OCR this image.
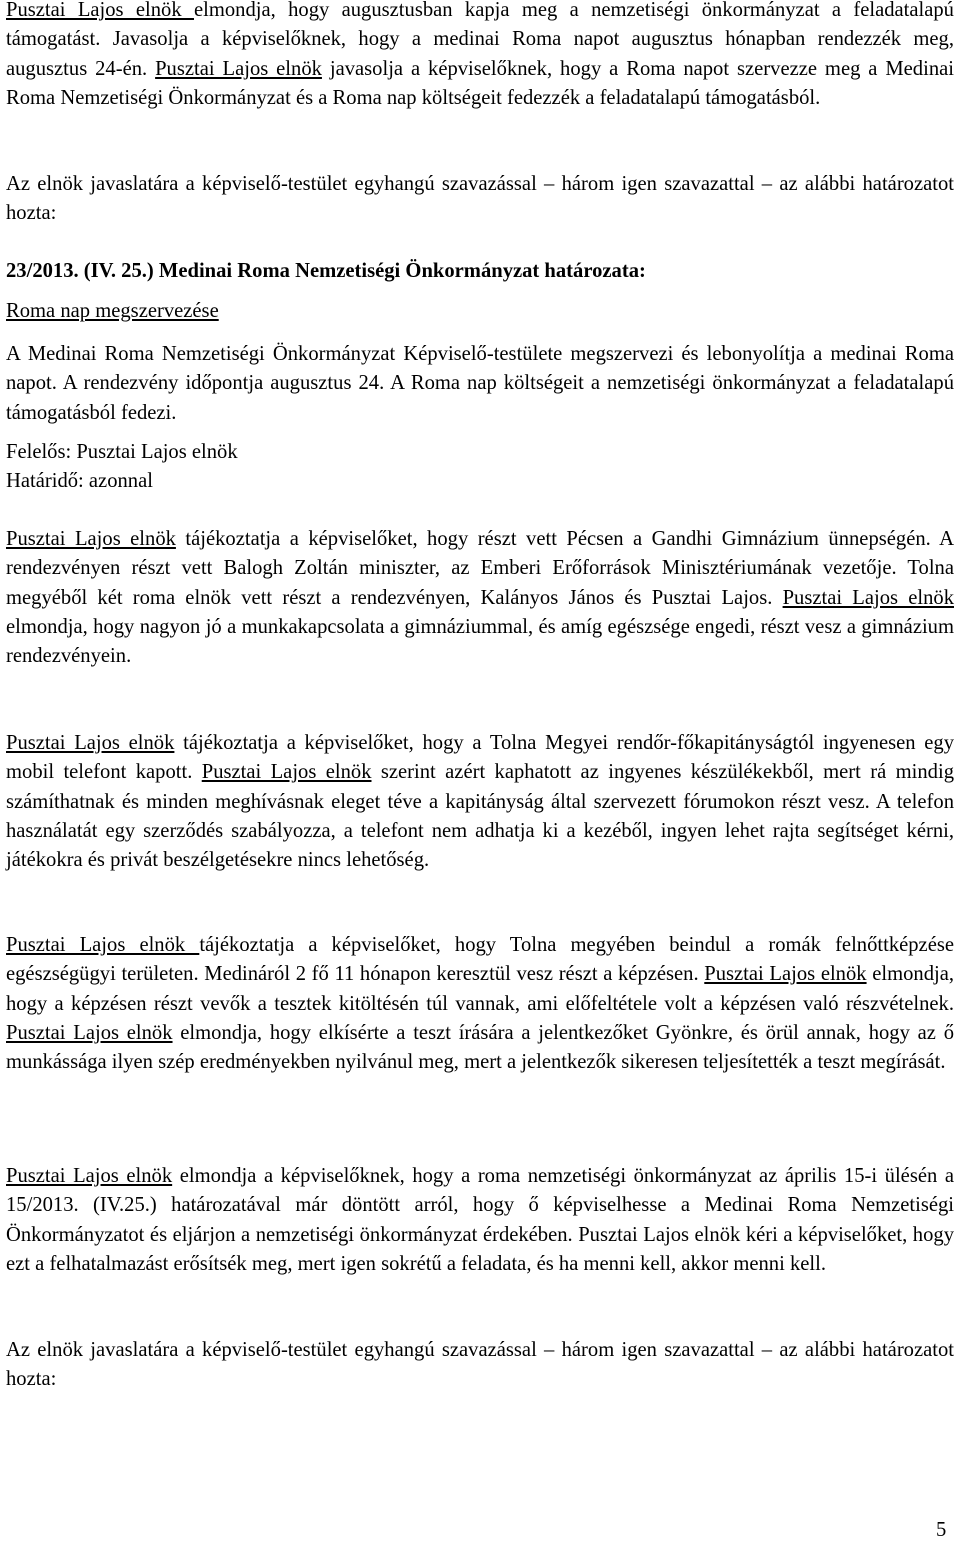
Pusztai Lajos elnök elmondja, hogy augusztusban kapja meg a nemzetiségi önkormányzat a feladatalapú támogatást. Javasolja a képviselőknek, hogy a medinai Roma napot augusztus hónapban rendezzék meg, augusztus 24-én. Pusztai Lajos elnök javasolja a képviselőknek, hogy a Roma napot szervezze meg a Medinai Roma Nemzetiségi Önkormányzat és a Roma nap költségeit fedezzék a feladatalapú támogatásból.

Az elnök javaslatára a képviselő-testület egyhangú szavazással – három igen szavazattal – az alábbi határozatot hozta:

23/2013. (IV. 25.) Medinai Roma Nemzetiségi Önkormányzat határozata:

Roma nap megszervezése

A Medinai Roma Nemzetiségi Önkormányzat Képviselő-testülete megszervezi és lebonyolítja a medinai Roma napot. A rendezvény időpontja augusztus 24. A Roma nap költségeit a nemzetiségi önkormányzat a feladatalapú támogatásból fedezi.

Felelős: Pusztai Lajos elnök

Határidő: azonnal

Pusztai Lajos elnök tájékoztatja a képviselőket, hogy részt vett Pécsen a Gandhi Gimnázium ünnepségén. A rendezvényen részt vett Balogh Zoltán miniszter, az Emberi Erőforrások Minisztériumának vezetője. Tolna megyéből két roma elnök vett részt a rendezvényen, Kalányos János és Pusztai Lajos. Pusztai Lajos elnök elmondja, hogy nagyon jó a munkakapcsolata a gimnáziummal, és amíg egészsége engedi, részt vesz a gimnázium rendezvényein.

Pusztai Lajos elnök tájékoztatja a képviselőket, hogy a Tolna Megyei rendőr-főkapitányságtól ingyenesen egy mobil telefont kapott. Pusztai Lajos elnök szerint azért kaphatott az ingyenes készülékekből, mert rá mindig számíthatnak és minden meghívásnak eleget téve a kapitányság által szervezett fórumokon részt vesz. A telefon használatát egy szerződés szabályozza, a telefont nem adhatja ki a kezéből, ingyen lehet rajta segítséget kérni, játékokra és privát beszélgetésekre nincs lehetőség.

Pusztai Lajos elnök tájékoztatja a képviselőket, hogy Tolna megyében beindul a romák felnőttképzése egészségügyi területen. Medináról 2 fő 11 hónapon keresztül vesz részt a képzésen. Pusztai Lajos elnök elmondja, hogy a képzésen részt vevők a tesztek kitöltésén túl vannak, ami előfeltétele volt a képzésen való részvételnek. Pusztai Lajos elnök elmondja, hogy elkísérte a teszt írására a jelentkezőket Gyönkre, és örül annak, hogy az ő munkássága ilyen szép eredményekben nyilvánul meg, mert a jelentkezők sikeresen teljesítették a teszt megírását.

Pusztai Lajos elnök elmondja a képviselőknek, hogy a roma nemzetiségi önkormányzat az április 15-i ülésén a 15/2013. (IV.25.) határozatával már döntött arról, hogy ő képviselhesse a Medinai Roma Nemzetiségi Önkormányzatot és eljárjon a nemzetiségi önkormányzat érdekében. Pusztai Lajos elnök kéri a képviselőket, hogy ezt a felhatalmazást erősítsék meg, mert igen sokrétű a feladata, és ha menni kell, akkor menni kell.

Az elnök javaslatára a képviselő-testület egyhangú szavazással – három igen szavazattal – az alábbi határozatot hozta:

5
